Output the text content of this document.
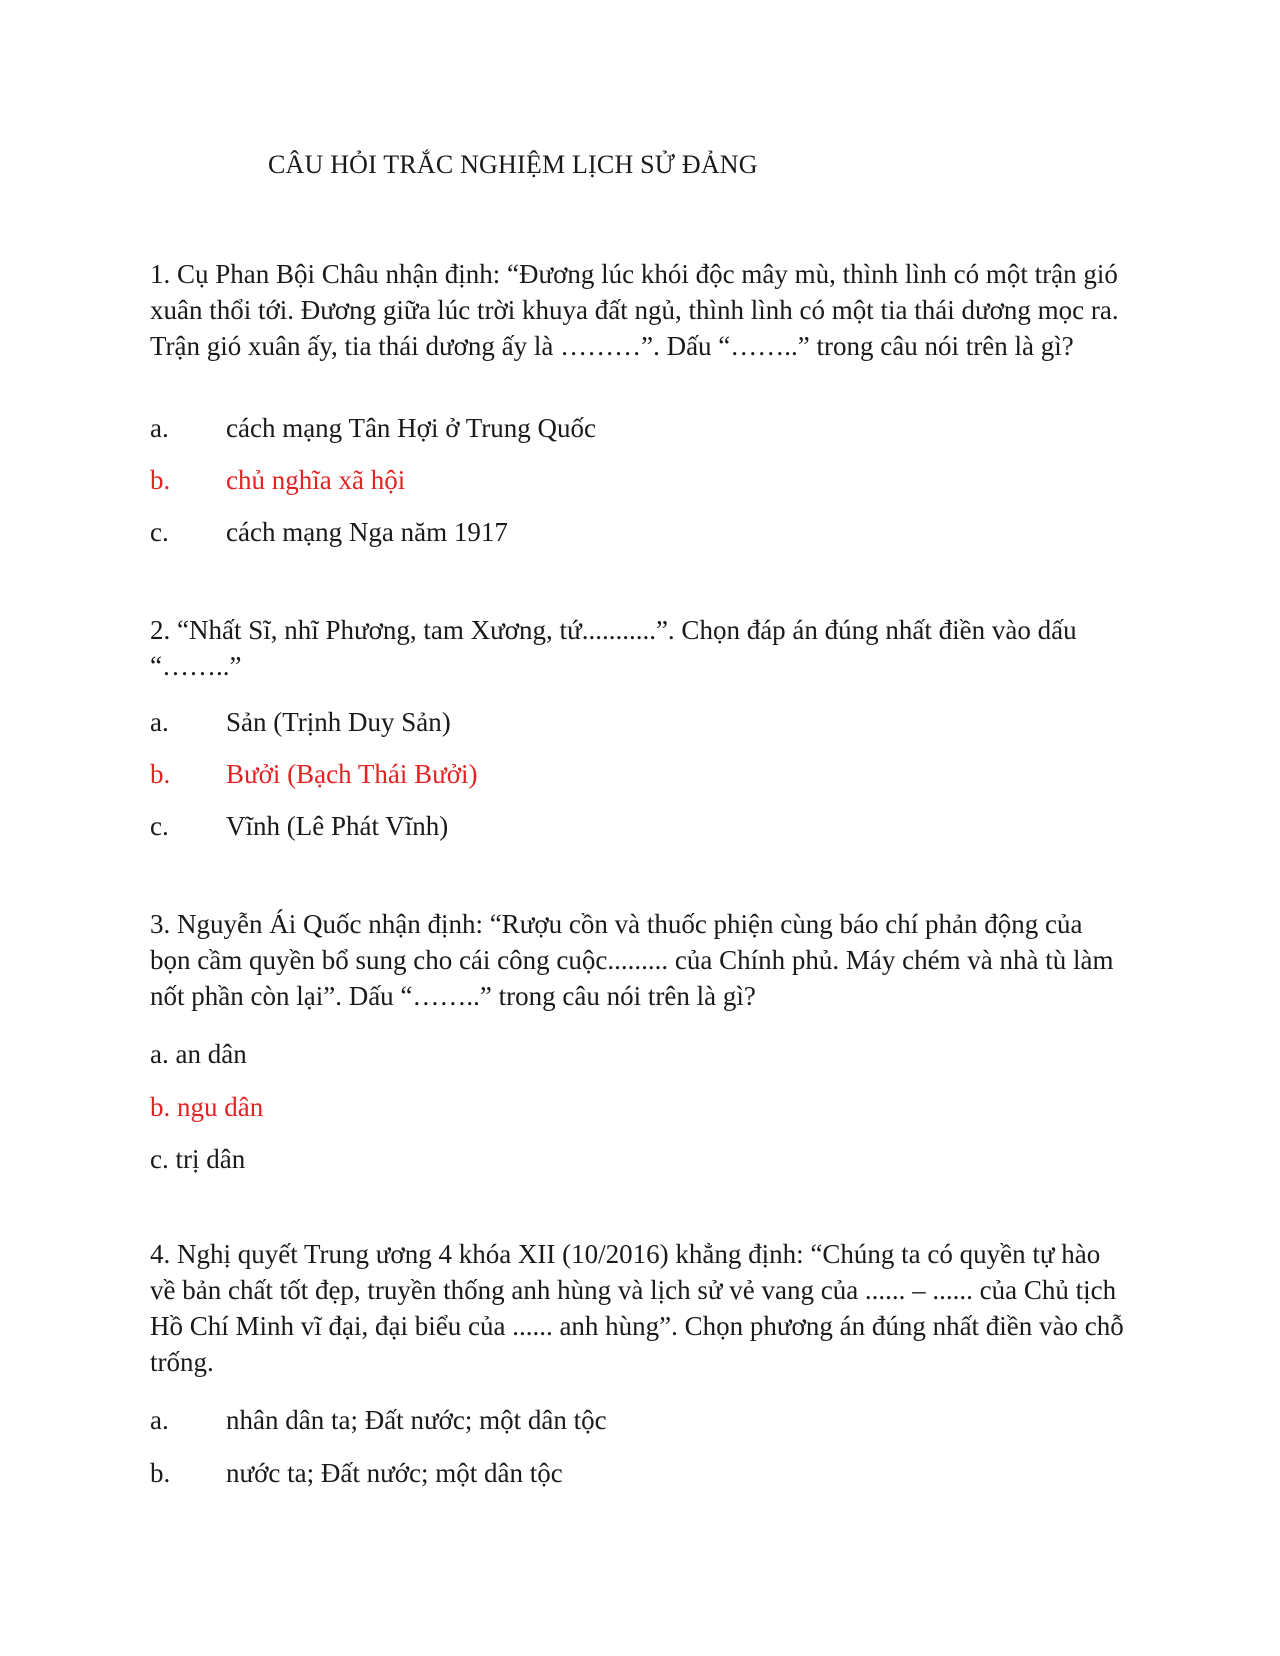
CÂU HỎI TRẮC NGHIỆM LỊCH SỬ ĐẢNG
1. Cụ Phan Bội Châu nhận định: “Đương lúc khói độc mây mù, thình lình có một trận gió xuân thổi tới. Đương giữa lúc trời khuya đất ngủ, thình lình có một tia thái dương mọc ra. Trận gió xuân ấy, tia thái dương ấy là ………”. Dấu “……..” trong câu nói trên là gì?
a. cách mạng Tân Hợi ở Trung Quốc
b. chủ nghĩa xã hội
c. cách mạng Nga năm 1917
2. “Nhất Sĩ, nhĩ Phương, tam Xương, tứ...........”. Chọn đáp án đúng nhất điền vào dấu “……..”
a. Sản (Trịnh Duy Sản)
b. Bưởi (Bạch Thái Bưởi)
c. Vĩnh (Lê Phát Vĩnh)
3. Nguyễn Ái Quốc nhận định: “Rượu cồn và thuốc phiện cùng báo chí phản động của bọn cầm quyền bổ sung cho cái công cuộc......... của Chính phủ. Máy chém và nhà tù làm nốt phần còn lại”. Dấu “……..” trong câu nói trên là gì?
a. an dân
b. ngu dân
c. trị dân
4. Nghị quyết Trung ương 4 khóa XII (10/2016) khẳng định: “Chúng ta có quyền tự hào về bản chất tốt đẹp, truyền thống anh hùng và lịch sử vẻ vang của ...... – ...... của Chủ tịch Hồ Chí Minh vĩ đại, đại biểu của ...... anh hùng”. Chọn phương án đúng nhất điền vào chỗ trống.
a. nhân dân ta; Đất nước; một dân tộc
b. nước ta; Đất nước; một dân tộc
